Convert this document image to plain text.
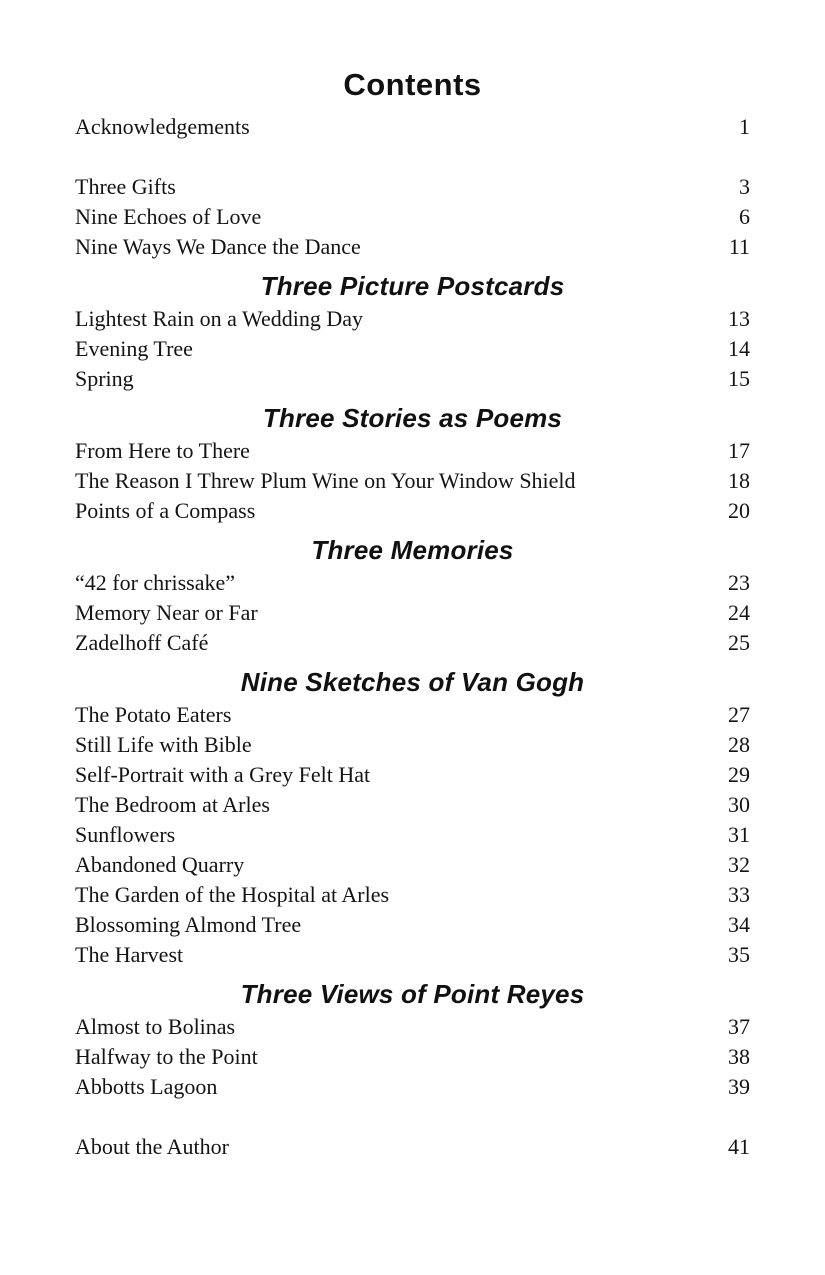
Contents
Acknowledgements	1
Three Gifts	3
Nine Echoes of Love	6
Nine Ways We Dance the Dance	11
Three Picture Postcards
Lightest Rain on a Wedding Day	13
Evening Tree	14
Spring	15
Three Stories as Poems
From Here to There	17
The Reason I Threw Plum Wine on Your Window Shield	18
Points of a Compass	20
Three Memories
“42 for chrissake”	23
Memory Near or Far	24
Zadelhoff Café	25
Nine Sketches of Van Gogh
The Potato Eaters	27
Still Life with Bible	28
Self-Portrait with a Grey Felt Hat	29
The Bedroom at Arles	30
Sunflowers	31
Abandoned Quarry	32
The Garden of the Hospital at Arles	33
Blossoming Almond Tree	34
The Harvest	35
Three Views of Point Reyes
Almost to Bolinas	37
Halfway to the Point	38
Abbotts Lagoon	39
About the Author	41
